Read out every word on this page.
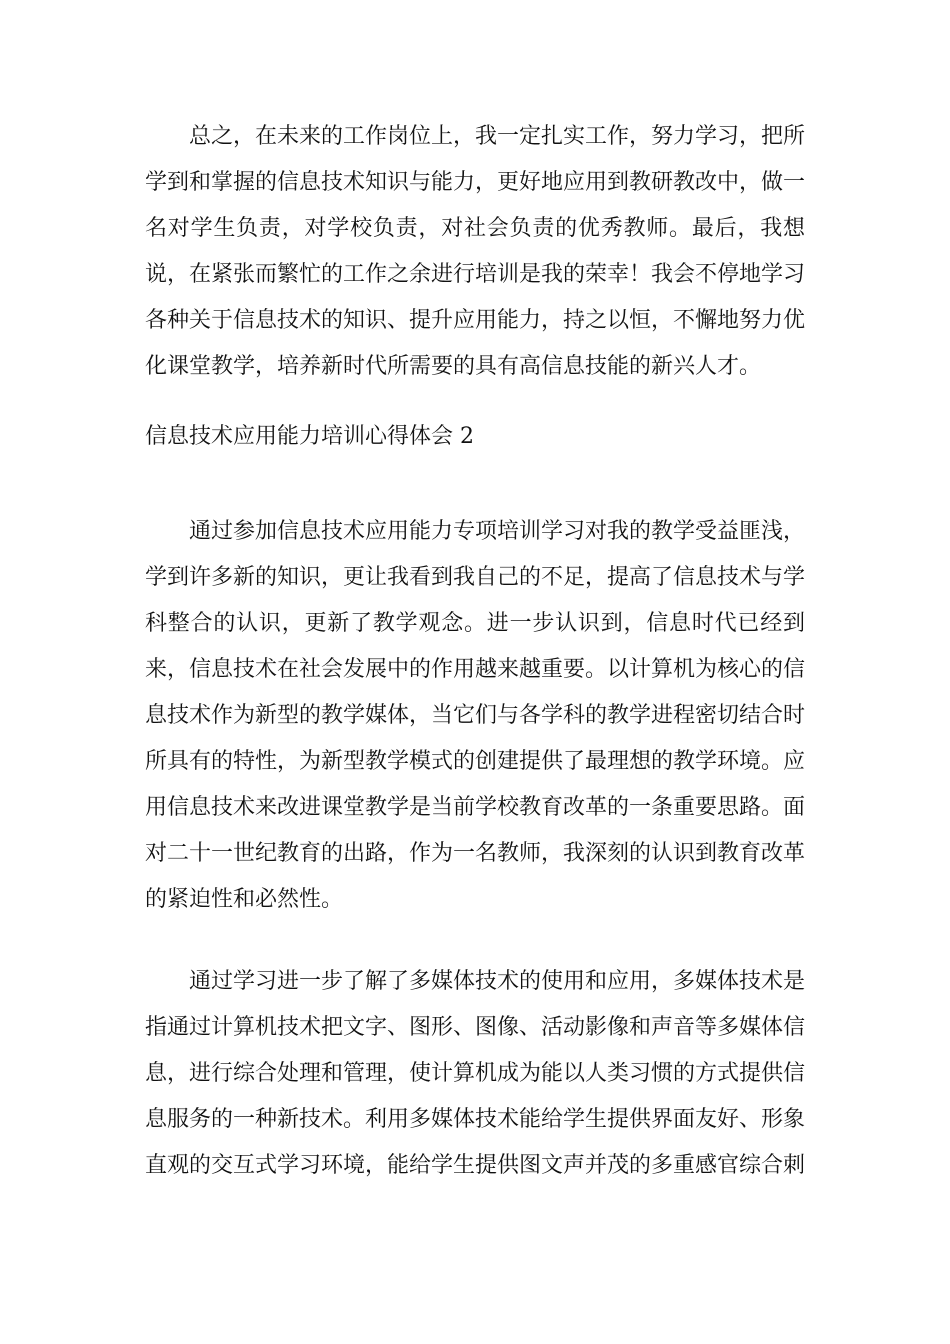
总之，在未来的工作岗位上，我一定扎实工作，努力学习，把所学到和掌握的信息技术知识与能力，更好地应用到教研教改中，做一名对学生负责，对学校负责，对社会负责的优秀教师。最后，我想说，在紧张而繁忙的工作之余进行培训是我的荣幸！我会不停地学习各种关于信息技术的知识、提升应用能力，持之以恒，不懈地努力优化课堂教学，培养新时代所需要的具有高信息技能的新兴人才。

信息技术应用能力培训心得体会 2

通过参加信息技术应用能力专项培训学习对我的教学受益匪浅，学到许多新的知识，更让我看到我自己的不足，提高了信息技术与学科整合的认识，更新了教学观念。进一步认识到，信息时代已经到来，信息技术在社会发展中的作用越来越重要。以计算机为核心的信息技术作为新型的教学媒体，当它们与各学科的教学进程密切结合时所具有的特性，为新型教学模式的创建提供了最理想的教学环境。应用信息技术来改进课堂教学是当前学校教育改革的一条重要思路。面对二十一世纪教育的出路，作为一名教师，我深刻的认识到教育改革的紧迫性和必然性。

通过学习进一步了解了多媒体技术的使用和应用，多媒体技术是指通过计算机技术把文字、图形、图像、活动影像和声音等多媒体信息，进行综合处理和管理，使计算机成为能以人类习惯的方式提供信息服务的一种新技术。利用多媒体技术能给学生提供界面友好、形象直观的交互式学习环境，能给学生提供图文声并茂的多重感官综合刺
